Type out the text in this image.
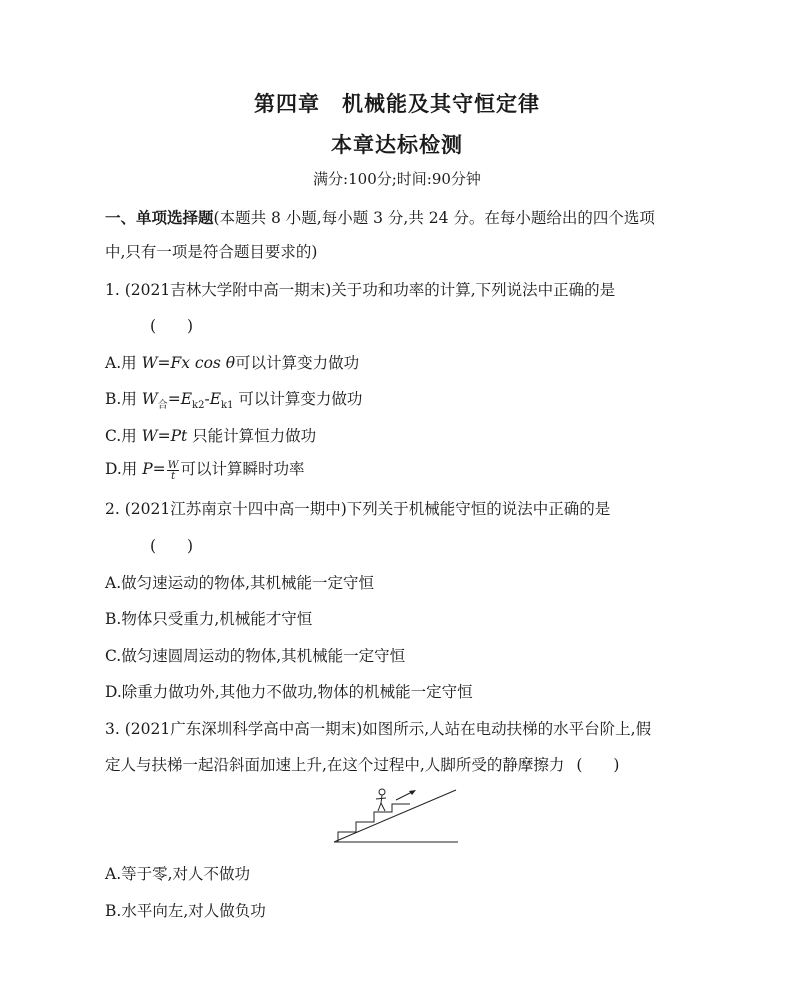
第四章 机械能及其守恒定律
本章达标检测
满分:100分;时间:90分钟
一、单项选择题(本题共 8 小题,每小题 3 分,共 24 分。在每小题给出的四个选项
中,只有一项是符合题目要求的)
1. (2021吉林大学附中高一期末)关于功和功率的计算,下列说法中正确的是
(　　)
A.用 W=Fx cos θ可以计算变力做功
B.用 $W_合=E_{k2}-E_{k1}$ 可以计算变力做功
C.用 W=Pt 只能计算恒力做功
D.用 $P= \frac{W}{t}$ 可以计算瞬时功率
2. (2021江苏南京十四中高一期中)下列关于机械能守恒的说法中正确的是
(　　)
A.做匀速运动的物体,其机械能一定守恒
B.物体只受重力,机械能才守恒
C.做匀速圆周运动的物体,其机械能一定守恒
D.除重力做功外,其他力不做功,物体的机械能一定守恒
3. (2021广东深圳科学高中高一期末)如图所示,人站在电动扶梯的水平台阶上,假
定人与扶梯一起沿斜面加速上升,在这个过程中,人脚所受的静摩擦力 (　　)
A.等于零,对人不做功
B.水平向左,对人做负功
